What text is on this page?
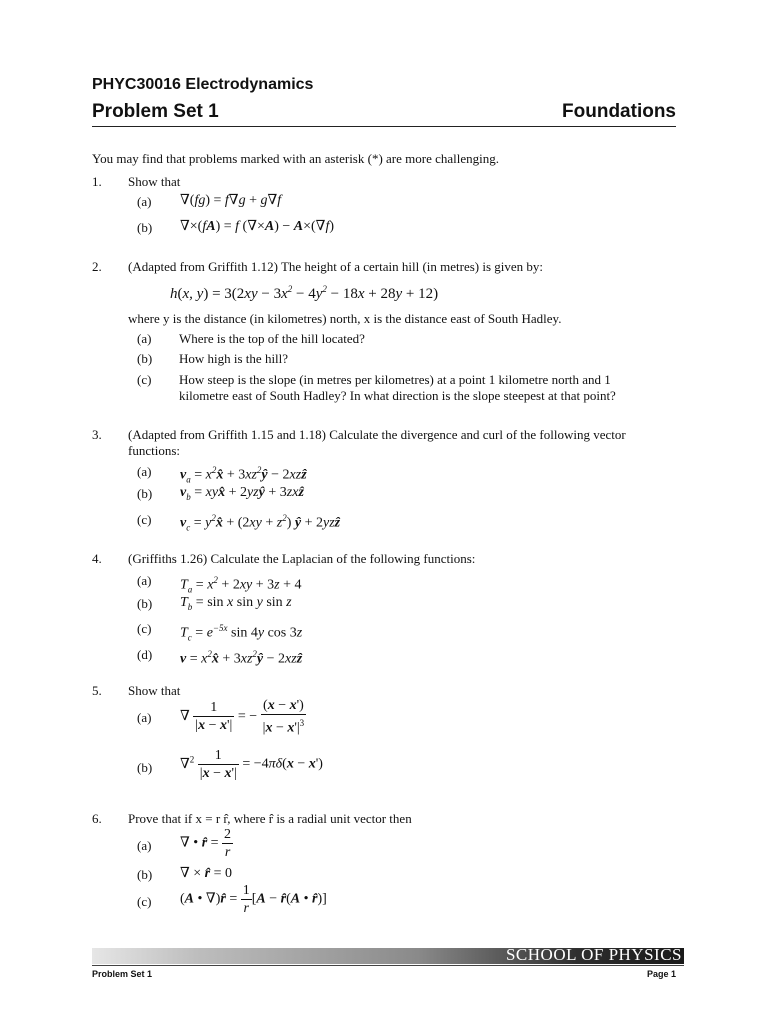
PHYC30016 Electrodynamics
Problem Set 1	Foundations
You may find that problems marked with an asterisk (*) are more challenging.
1. Show that
(a) ∇(fg) = f∇g + g∇f
(b) ∇×(fA) = f (∇×A) − A×(∇f)
2. (Adapted from Griffith 1.12) The height of a certain hill (in metres) is given by:
h(x, $y) = 3(2xy - 3x^2 - 4y^2 - 18x + 28y + 12)$
where y is the distance (in kilometres) north, x is the distance east of South Hadley.
(a) Where is the top of the hill located?
(b) How high is the hill?
(c) How steep is the slope (in metres per kilometres) at a point 1 kilometre north and 1
kilometre east of South Hadley? In what direction is the slope steepest at that point?
3. (Adapted from Griffith 1.15 and 1.18) Calculate the divergence and curl of the following vector
functions:
(a) $v_a$ = $x^2x̂$ + $3xz^2ŷ$ − 2xzẑ
(b) $v_b$ = xyx̂ + 2yzŷ + 3zxẑ
(c) $v_c$ = $y^2x̂ + (2xy + z^2)$ ŷ + 2yzẑ
4. (Griffiths 1.26) Calculate the Laplacian of the following functions:
(a) $T_a = x^2 + 2xy + 3z + 4$
(b) $T_b = \sin x$ sin y sin z
(c) $T_c = e^{-5x}$ sin 4y cos 3z
(d) $v = x^2x̂$ + $3xz^2ŷ$ − 2xzẑ
5. Show that
(a) ∇ $\frac{1}{|x - x'|}$ = − $\frac{(x - x')}{|x - x'|^3}$
(b) $\nabla^2 \frac{1}{|x - x'|} = -4\pi\delta(x - x')$
6. Prove that if x = r r̂, where r̂ is a radial unit vector then
(a) ∇ • r̂ = $\frac{2}{r}$
(b) ∇ × r̂ = 0
(c) (A • ∇)r̂ = $\frac{1}{r} [A$ − r̂(A • r̂)]
SCHOOL OF PHYSICS
Problem Set 1	Page 1
